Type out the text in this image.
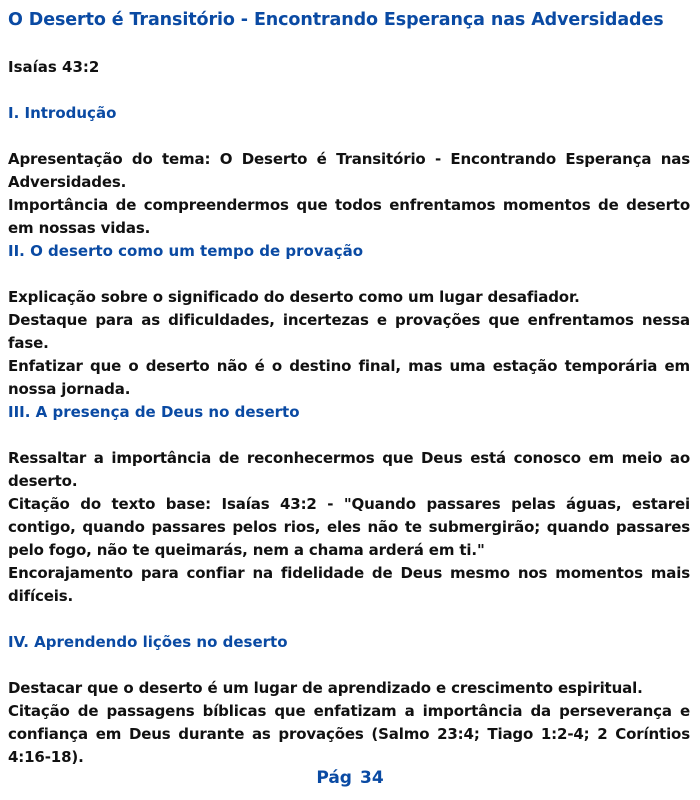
O Deserto é Transitório - Encontrando Esperança nas Adversidades

Isaías 43:2

I. Introdução

Apresentação do tema: O Deserto é Transitório - Encontrando Esperança nas Adversidades.

Importância de compreendermos que todos enfrentamos momentos de deserto em nossas vidas.

II. O deserto como um tempo de provação

Explicação sobre o significado do deserto como um lugar desafiador.

Destaque para as dificuldades, incertezas e provações que enfrentamos nessa fase.

Enfatizar que o deserto não é o destino final, mas uma estação temporária em nossa jornada.

III. A presença de Deus no deserto

Ressaltar a importância de reconhecermos que Deus está conosco em meio ao deserto.

Citação do texto base: Isaías 43:2 - "Quando passares pelas águas, estarei contigo, quando passares pelos rios, eles não te submergirão; quando passares pelo fogo, não te queimarás, nem a chama arderá em ti."

Encorajamento para confiar na fidelidade de Deus mesmo nos momentos mais difíceis.

IV. Aprendendo lições no deserto

Destacar que o deserto é um lugar de aprendizado e crescimento espiritual.

Citação de passagens bíblicas que enfatizam a importância da perseverança e confiança em Deus durante as provações (Salmo 23:4; Tiago 1:2-4; 2 Coríntios 4:16-18).

Pág 34
